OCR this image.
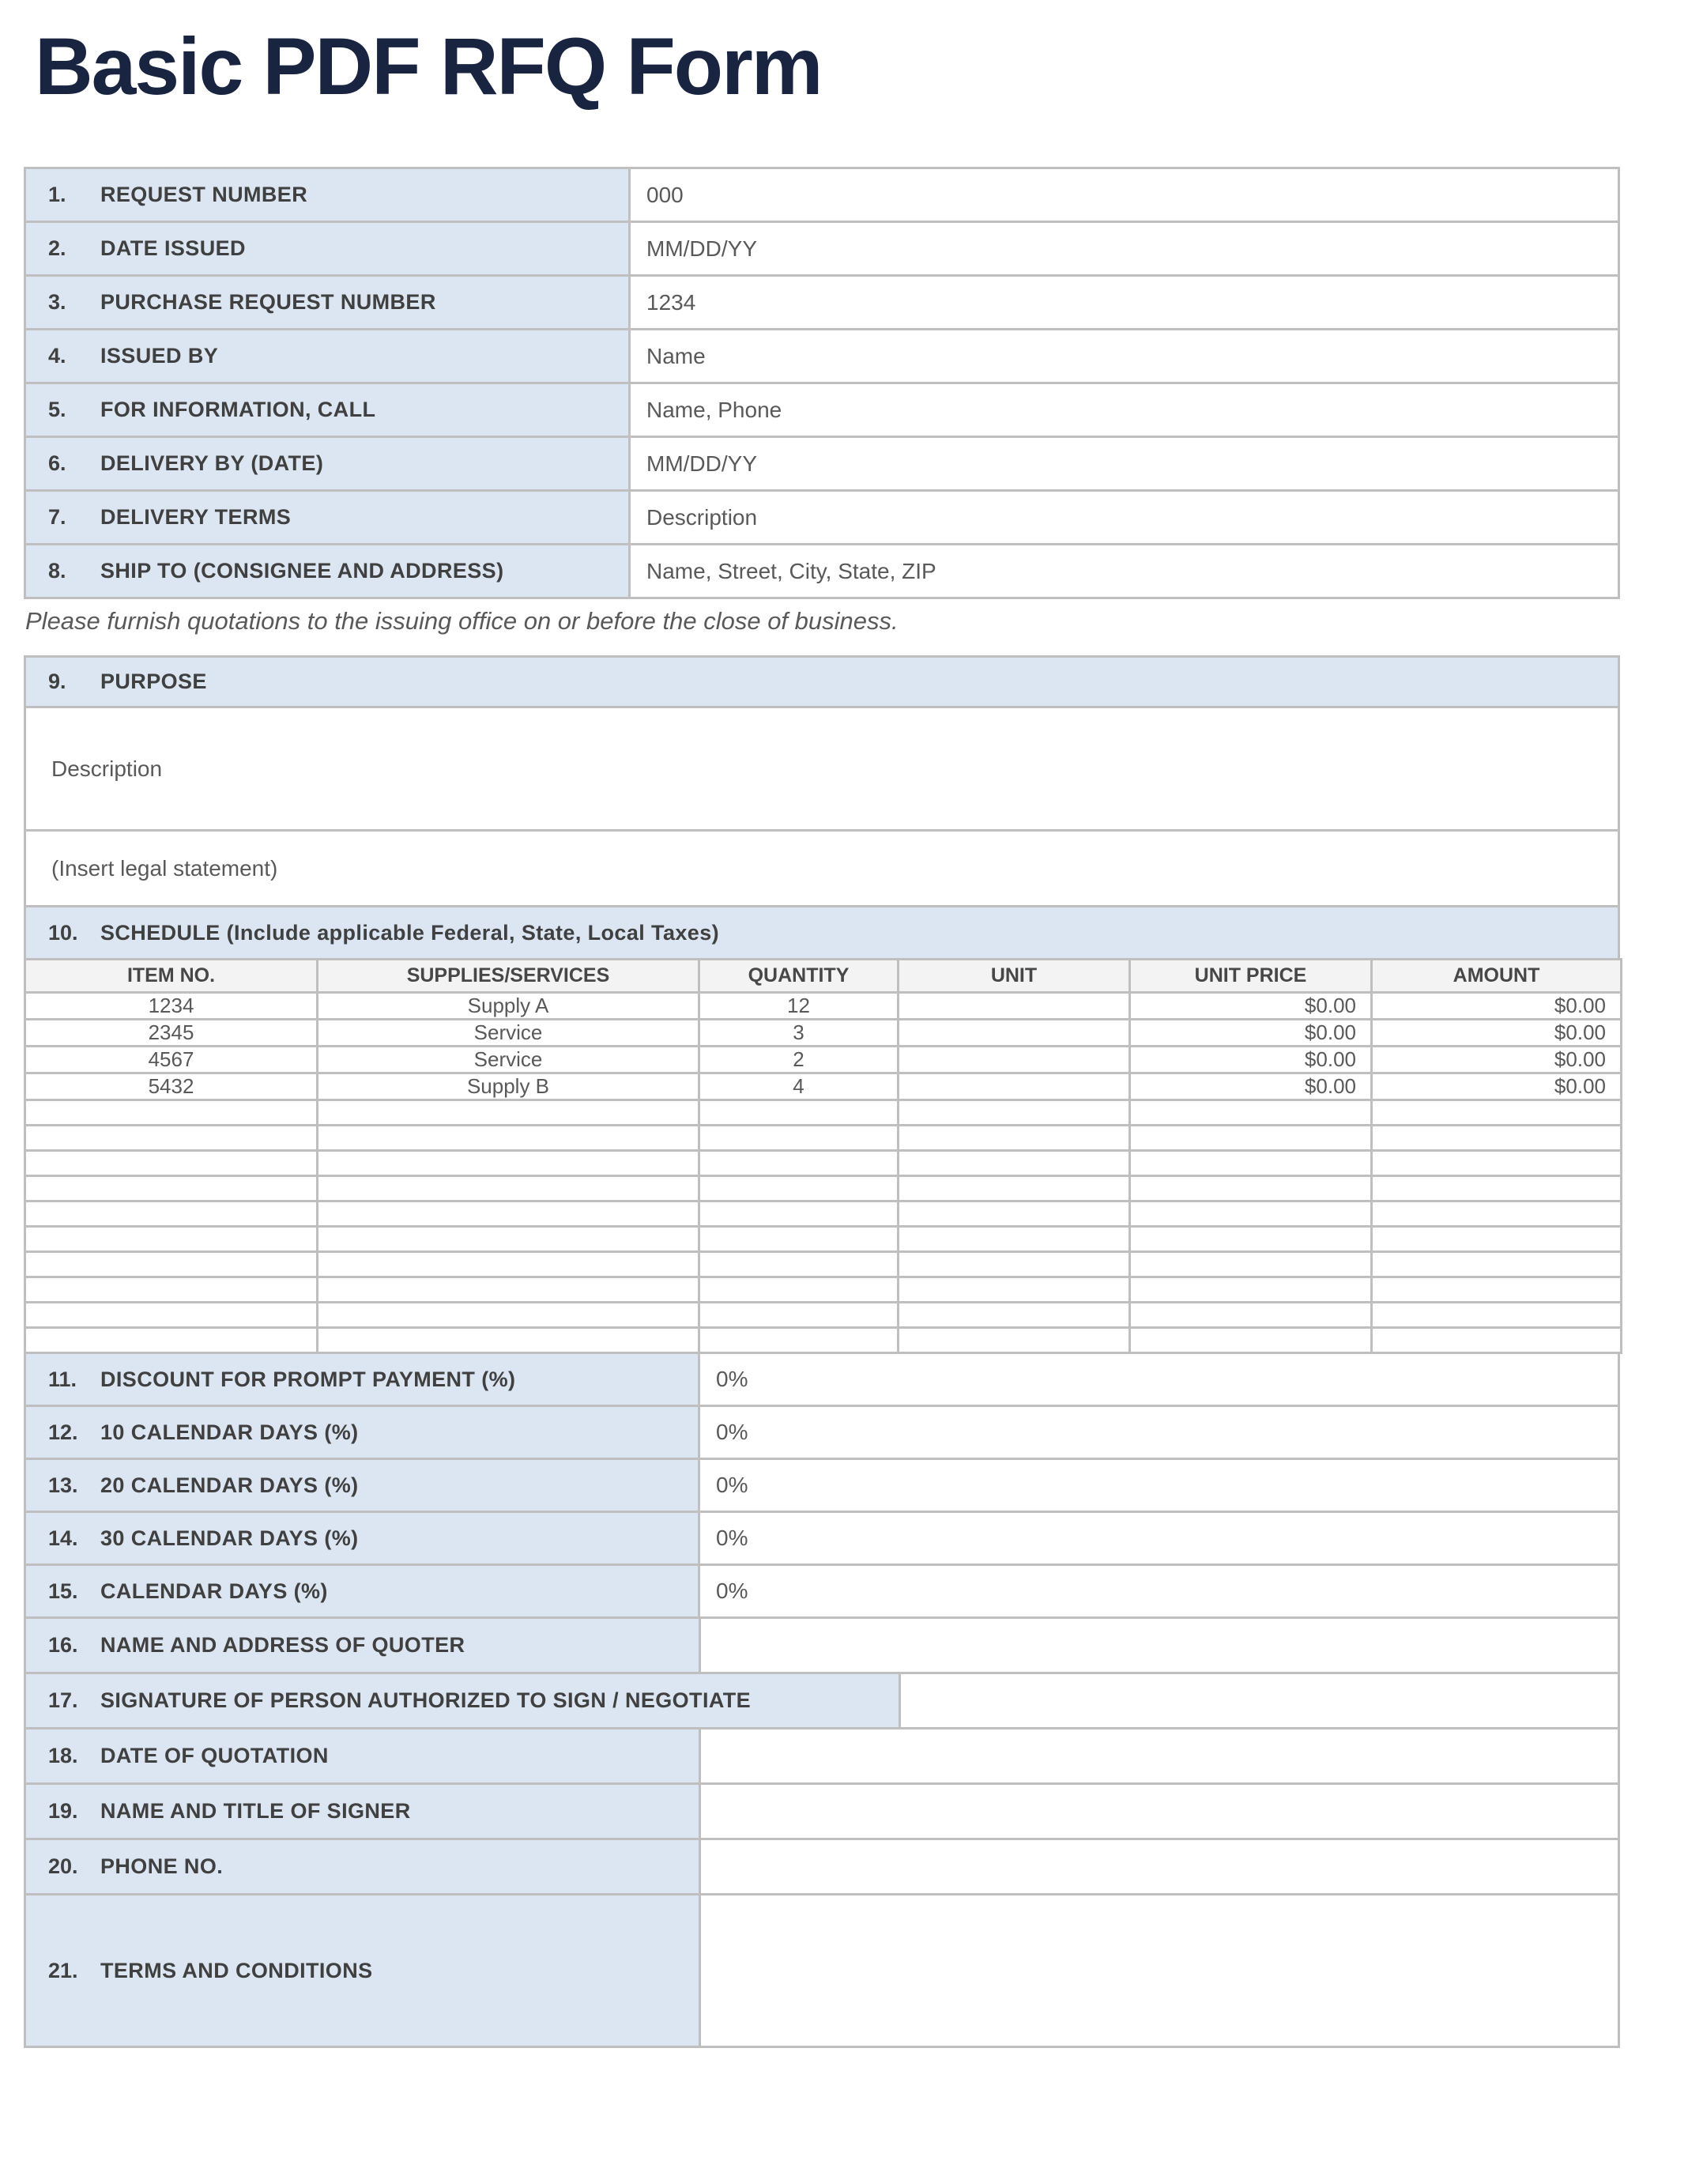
Basic PDF RFQ Form
1. REQUEST NUMBER	000
2. DATE ISSUED	MM/DD/YY
3. PURCHASE REQUEST NUMBER	1234
4. ISSUED BY	Name
5. FOR INFORMATION, CALL	Name, Phone
6. DELIVERY BY (DATE)	MM/DD/YY
7. DELIVERY TERMS	Description
8. SHIP TO (CONSIGNEE AND ADDRESS)	Name, Street, City, State, ZIP

Please furnish quotations to the issuing office on or before the close of business.

9.	PURPOSE
Description
(Insert legal statement)
10.	SCHEDULE (Include applicable Federal, State, Local Taxes)
ITEM NO.	SUPPLIES/SERVICES	QUANTITY	UNIT	UNIT PRICE	AMOUNT
1234	Supply A	12		$0.00	$0.00
2345	Service	3		$0.00	$0.00
4567	Service	2		$0.00	$0.00
5432	Supply B	4		$0.00	$0.00

11. DISCOUNT FOR PROMPT PAYMENT (%)	0%
12. 10 CALENDAR DAYS (%)	0%
13. 20 CALENDAR DAYS (%)	0%
14. 30 CALENDAR DAYS (%)	0%
15. CALENDAR DAYS (%)	0%
16.	NAME AND ADDRESS OF QUOTER
17.	SIGNATURE OF PERSON AUTHORIZED TO SIGN / NEGOTIATE
18.	DATE OF QUOTATION
19.	NAME AND TITLE OF SIGNER
20.	PHONE NO.
21.	TERMS AND CONDITIONS
